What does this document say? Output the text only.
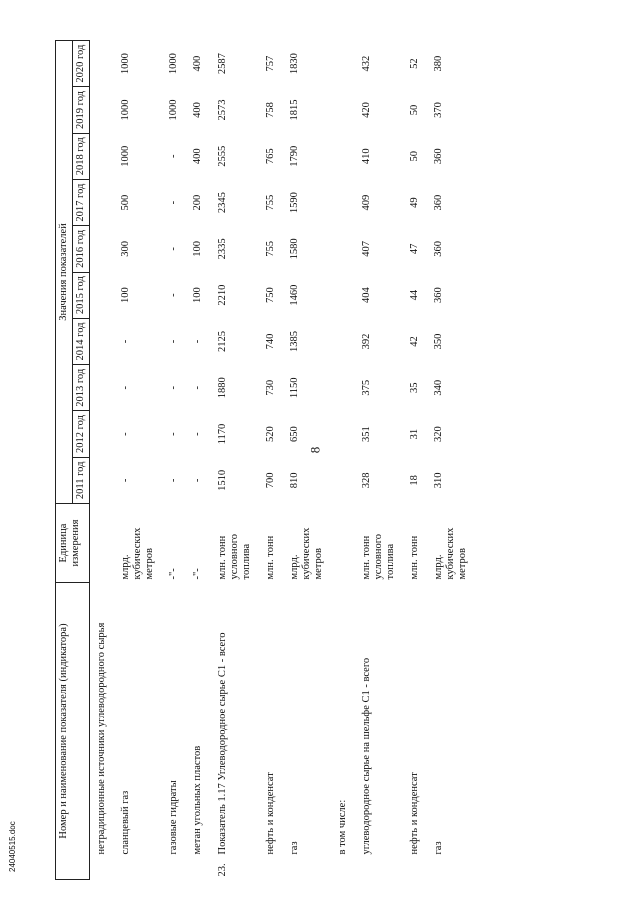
8
Номер и наименование показателя (индикатора)	Единица измерения	Значения показателей									
		2011 год	2012 год	2013 год	2014 год	2015 год	2016 год	2017 год	2018 год	2019 год	2020 год
нетрадиционные источники углеводородного сырья											
сланцевый газ	млрд. кубических метров	-	-	-	-	100	300	500	1000	1000	1000
газовые гидраты	-"-	-	-	-	-	-	-	-	-	1000	1000
метан угольных пластов	-"-	-	-	-	-	100	100	200	400	400	400
23.Показатель 1.17 Углеводородное сырье С1 - всего	млн. тонн условного топлива	1510	1170	1880	2125	2210	2335	2345	2555	2573	2587
нефть и конденсат	млн. тонн	700	520	730	740	750	755	755	765	758	757
газ	млрд. кубических метров	810	650	1150	1385	1460	1580	1590	1790	1815	1830
в том числе:											
углеводородное сырье на шельфе С1 - всего	млн. тонн условного топлива	328	351	375	392	404	407	409	410	420	432
нефть и конденсат	млн. тонн	18	31	35	42	44	47	49	50	50	52
газ	млрд. кубических метров	310	320	340	350	360	360	360	360	370	380
24040515.doc
